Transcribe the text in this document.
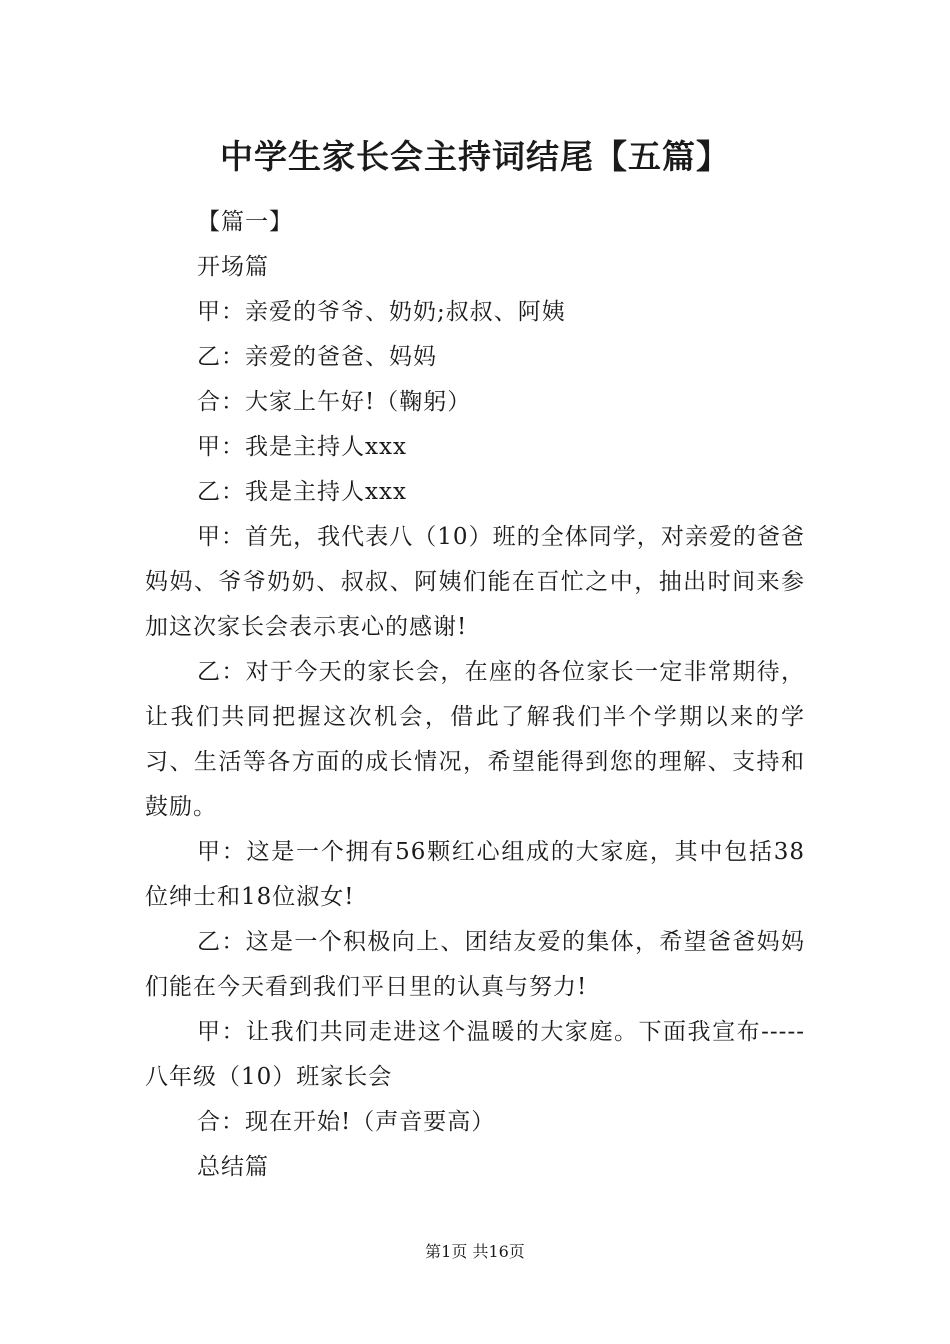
中学生家长会主持词结尾【五篇】

【篇一】

开场篇

甲：亲爱的爷爷、奶奶;叔叔、阿姨

乙：亲爱的爸爸、妈妈

合：大家上午好!（鞠躬）

甲：我是主持人xxx

乙：我是主持人xxx

甲：首先，我代表八（10）班的全体同学，对亲爱的爸爸妈妈、爷爷奶奶、叔叔、阿姨们能在百忙之中，抽出时间来参加这次家长会表示衷心的感谢!

乙：对于今天的家长会，在座的各位家长一定非常期待，让我们共同把握这次机会，借此了解我们半个学期以来的学习、生活等各方面的成长情况，希望能得到您的理解、支持和鼓励。

甲：这是一个拥有56颗红心组成的大家庭，其中包括38位绅士和18位淑女!

乙：这是一个积极向上、团结友爱的集体，希望爸爸妈妈们能在今天看到我们平日里的认真与努力!

甲：让我们共同走进这个温暖的大家庭。下面我宣布-----八年级（10）班家长会

合：现在开始!（声音要高）

总结篇

第1页 共16页
